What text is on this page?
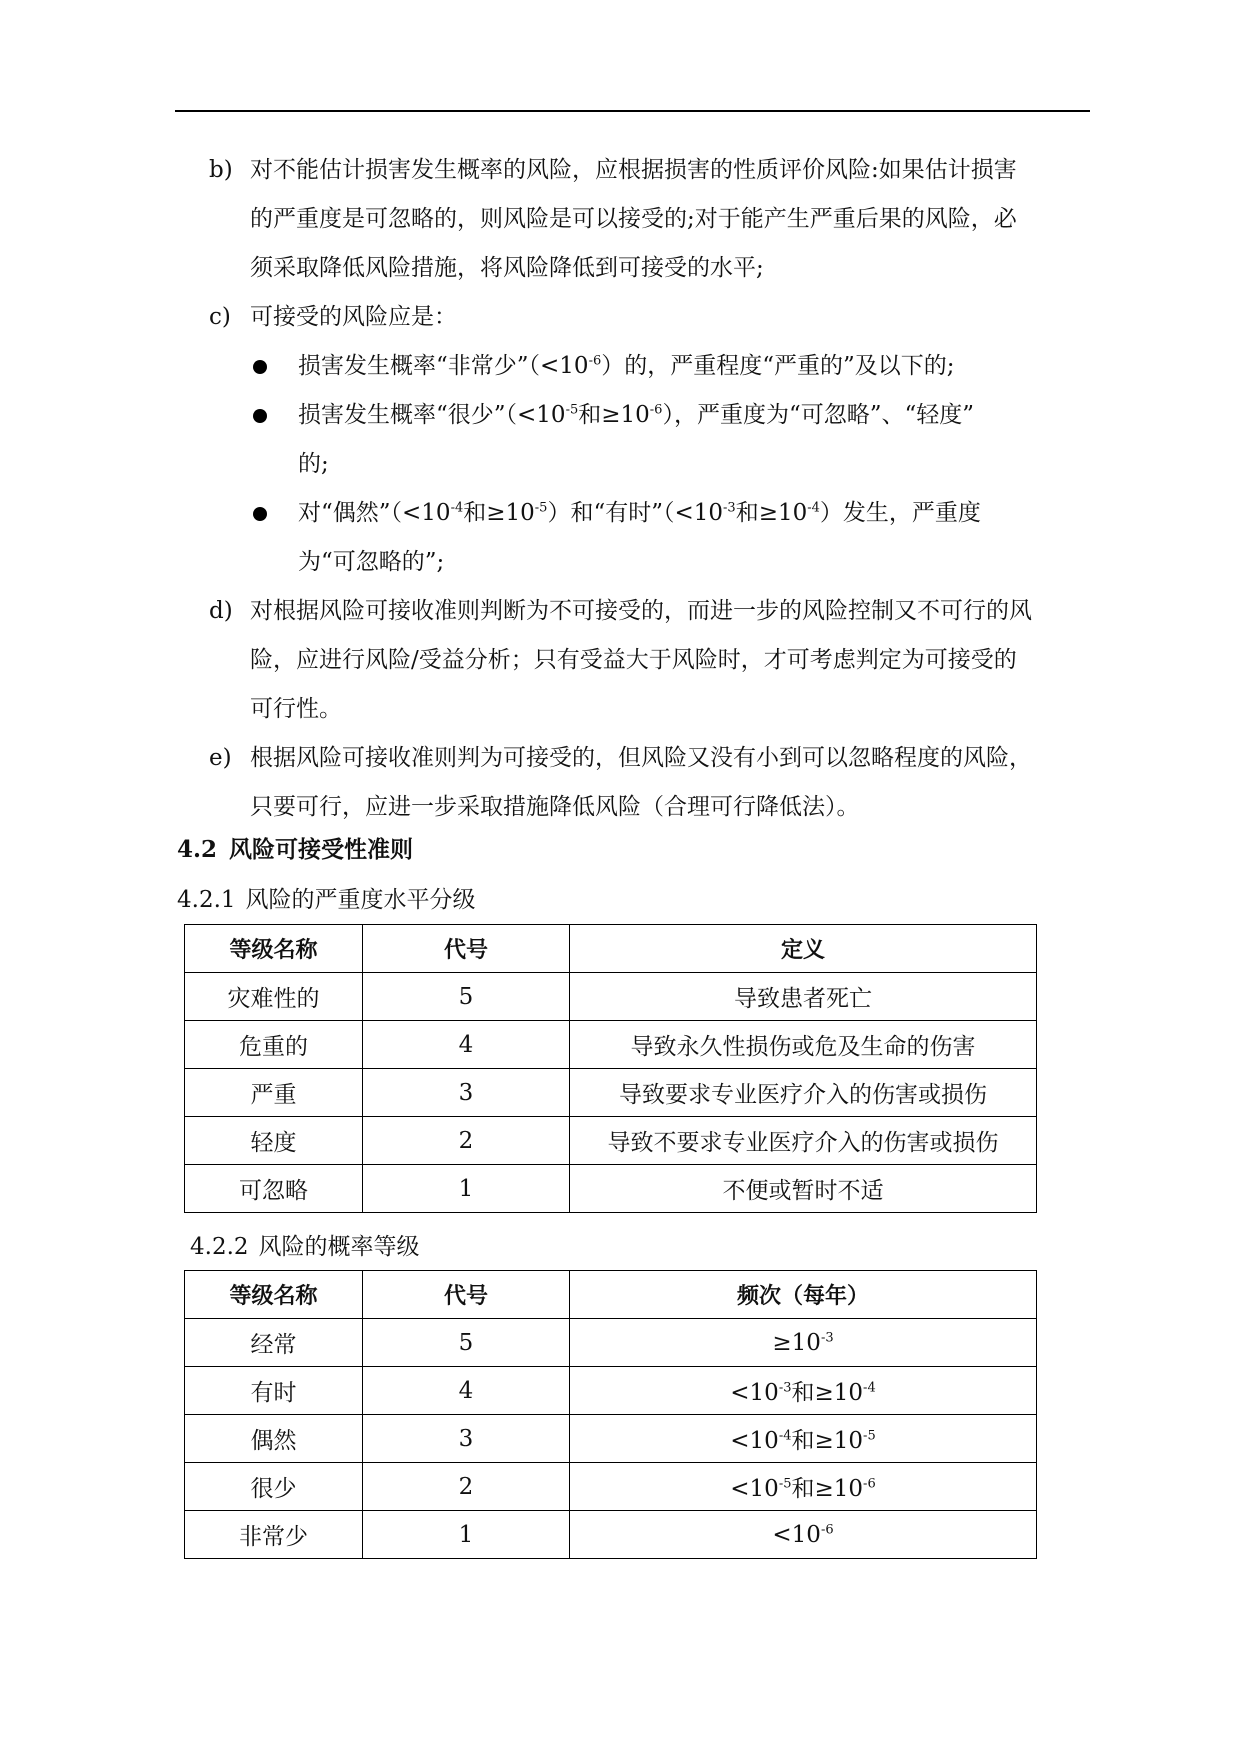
b) 对不能估计损害发生概率的风险，应根据损害的性质评价风险:如果估计损害
的严重度是可忽略的，则风险是可以接受的;对于能产生严重后果的风险，必
须采取降低风险措施，将风险降低到可接受的水平;
c) 可接受的风险应是：
损害发生概率“非常少$”(<10^{-6})$的，严重程度“严重的”及以下的;
损害发生概率“很少$”(<10^{-5}$和$\ge 10^{-6}$），严重度为“可忽略”、“轻度”
的;
对“偶然$”(<10^{-4}$和$\ge 10^{-5}$）和“有时$”(<10^{-3}$和$\ge 10^{-4}$）发生，严重度
为“可忽略的”;
d) 对根据风险可接收准则判断为不可接受的，而进一步的风险控制又不可行的风
险，应进行风险/受益分析；只有受益大于风险时，才可考虑判定为可接受的
可行性。
e) 根据风险可接收准则判为可接受的，但风险又没有小到可以忽略程度的风险，
只要可行，应进一步采取措施降低风险（合理可行降低法）。
4.2 风险可接受性准则
4.2.1 风险的严重度水平分级
等级名称	代号	定义
灾难性的	5	导致患者死亡
危重的	4	导致永久性损伤或危及生命的伤害
严重	3	导致要求专业医疗介入的伤害或损伤
轻度	2	导致不要求专业医疗介入的伤害或损伤
可忽略	1	不便或暂时不适
4.2.2 风险的概率等级
等级名称	代号	频次（每年）
经常	5	$\ge 10^{-3}$
有时	4	$<10^{-3}$和$\ge 10^{-4}$
偶然	3	$<10^{-4}$和$\ge 10^{-5}$
很少	2	$<10^{-5}$和$\ge 10^{-6}$
非常少	1	$<10^{-6}$
